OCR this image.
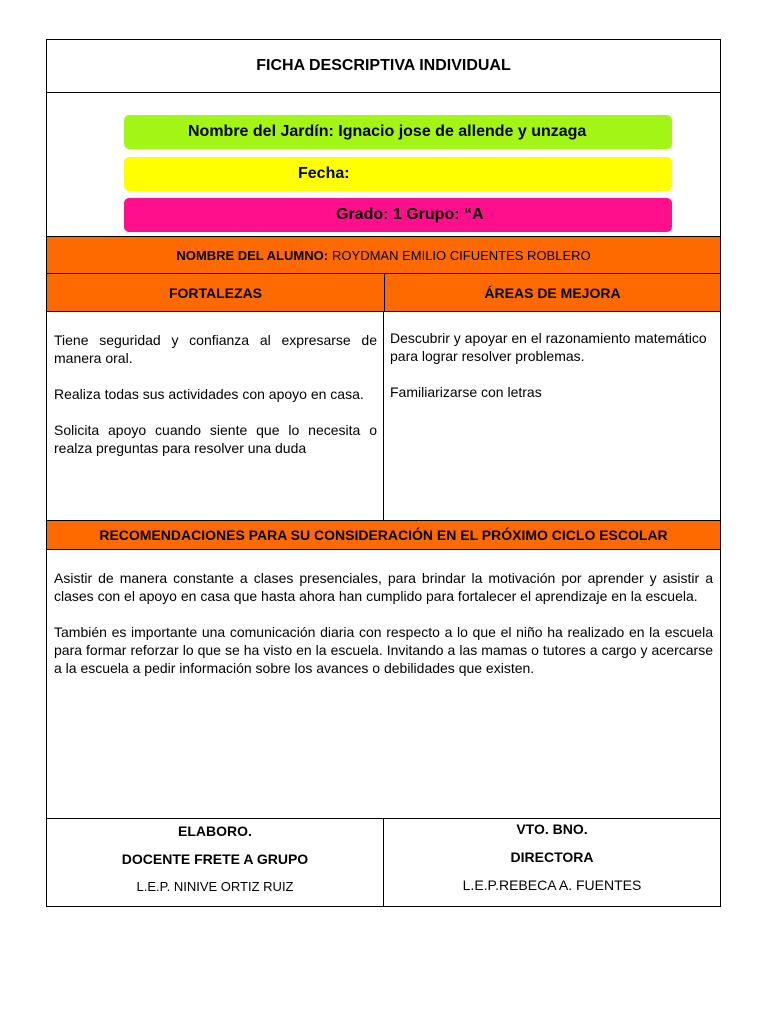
FICHA DESCRIPTIVA INDIVIDUAL
Nombre del Jardín: Ignacio jose de allende y unzaga
Fecha:
Grado: 1 Grupo: “A
NOMBRE DEL ALUMNO: ROYDMAN EMILIO CIFUENTES ROBLERO
FORTALEZAS	ÁREAS DE MEJORA

Tiene seguridad y confianza al expresarse de manera oral.

Realiza todas sus actividades con apoyo en casa.

Solicita apoyo cuando siente que lo necesita o realza preguntas para resolver una duda

Descubrir y apoyar en el razonamiento matemático para lograr resolver problemas.

Familiarizarse con letras

RECOMENDACIONES PARA SU CONSIDERACIÓN EN EL PRÓXIMO CICLO ESCOLAR

Asistir de manera constante a clases presenciales, para brindar la motivación por aprender y asistir a clases con el apoyo en casa que hasta ahora han cumplido para fortalecer el aprendizaje en la escuela.

También es importante una comunicación diaria con respecto a lo que el niño ha realizado en la escuela para formar reforzar lo que se ha visto en la escuela. Invitando a las mamas o tutores a cargo y acercarse a la escuela a pedir información sobre los avances o debilidades que existen.

ELABORO.
DOCENTE FRETE A GRUPO
L.E.P. NINIVE ORTIZ RUIZ
VTO. BNO.
DIRECTORA
L.E.P.REBECA A. FUENTES
